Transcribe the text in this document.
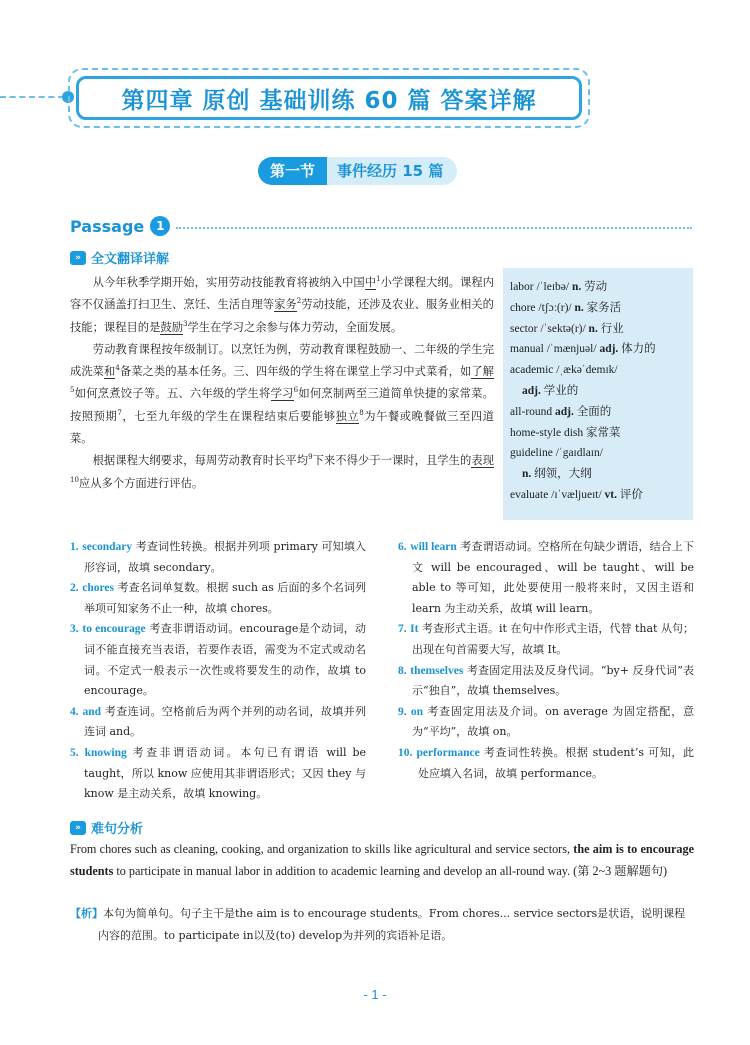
第四章 原创 基础训练 60 篇 答案详解
第一节	事件经历 15 篇
Passage 1
» 全文翻译详解

从今年秋季学期开始，实用劳动技能教育将被纳入中国中$^1$小学课程大纲。课程内容不仅涵盖打扫卫生、烹饪、生活自理等家务$^2$劳动技能，还涉及农业、服务业相关的技能；课程目的是鼓励$^3$学生在学习之余参与体力劳动，全面发展。

劳动教育课程按年级制订。以烹饪为例，劳动教育课程鼓励一、二年级的学生完成洗菜和$^4$备菜之类的基本任务。三、四年级的学生将在课堂上学习中式菜肴，如了解$^5$如何烹煮饺子等。五、六年级的学生将学习$^6$如何烹制两至三道简单快捷的家常菜。按照预期$^7$，七至九年级的学生在课程结束后要能够独立$^8$为午餐或晚餐做三至四道菜。

根据课程大纲要求，每周劳动教育时长平均$^9$下来不得少于一课时，且学生的表现$^{10}$应从多个方面进行评估。

labor /ˈleɪbə/ n. 劳动
chore /tʃɔː(r)/ n. 家务活
sector /ˈsektə(r)/ n. 行业
manual /ˈmænjuəl/ adj. 体力的
academic /ˌækəˈdemɪk/
adj. 学业的
all-round adj. 全面的
home-style dish 家常菜
guideline /ˈgaɪdlaɪn/
n. 纲领，大纲
evaluate /ɪˈvæljueɪt/ vt. 评价
1. secondary 考查词性转换。根据并列项 primary 可知填入形容词，故填 secondary。
2. chores 考查名词单复数。根据 such as 后面的多个名词列举项可知家务不止一种，故填 chores。
3. to encourage 考查非谓语动词。encourage是个动词，动词不能直接充当表语，若要作表语，需变为不定式或动名词。不定式一般表示一次性或将要发生的动作，故填 to encourage。
4. and 考查连词。空格前后为两个并列的动名词，故填并列连词 and。
5. knowing 考查非谓语动词。本句已有谓语 will be taught，所以 know 应使用其非谓语形式；又因 they 与 know 是主动关系，故填 knowing。
6. will learn 考查谓语动词。空格所在句缺少谓语，结合上下文 will be encouraged、will be taught、will be able to 等可知，此处要使用一般将来时，又因主语和 learn 为主动关系，故填 will learn。
7. It 考查形式主语。it 在句中作形式主语，代替 that 从句；出现在句首需要大写，故填 It。
8. themselves 考查固定用法及反身代词。“by+ 反身代词”表示“独自”，故填 themselves。
9. on 考查固定用法及介词。on average 为固定搭配，意为“平均”，故填 on。
10. performance 考查词性转换。根据 student’s 可知，此处应填入名词，故填 performance。
» 难句分析
From chores such as cleaning, cooking, and organization to skills like agricultural and service sectors, the aim is to encourage students to participate in manual labor in addition to academic learning and develop an all-round way. (第 2~3 题解题句)
【析】本句为简单句。句子主干是the aim is to encourage students。From chores... service sectors是状语，说明课程内容的范围。to participate in以及(to) develop为并列的宾语补足语。
- 1 -
